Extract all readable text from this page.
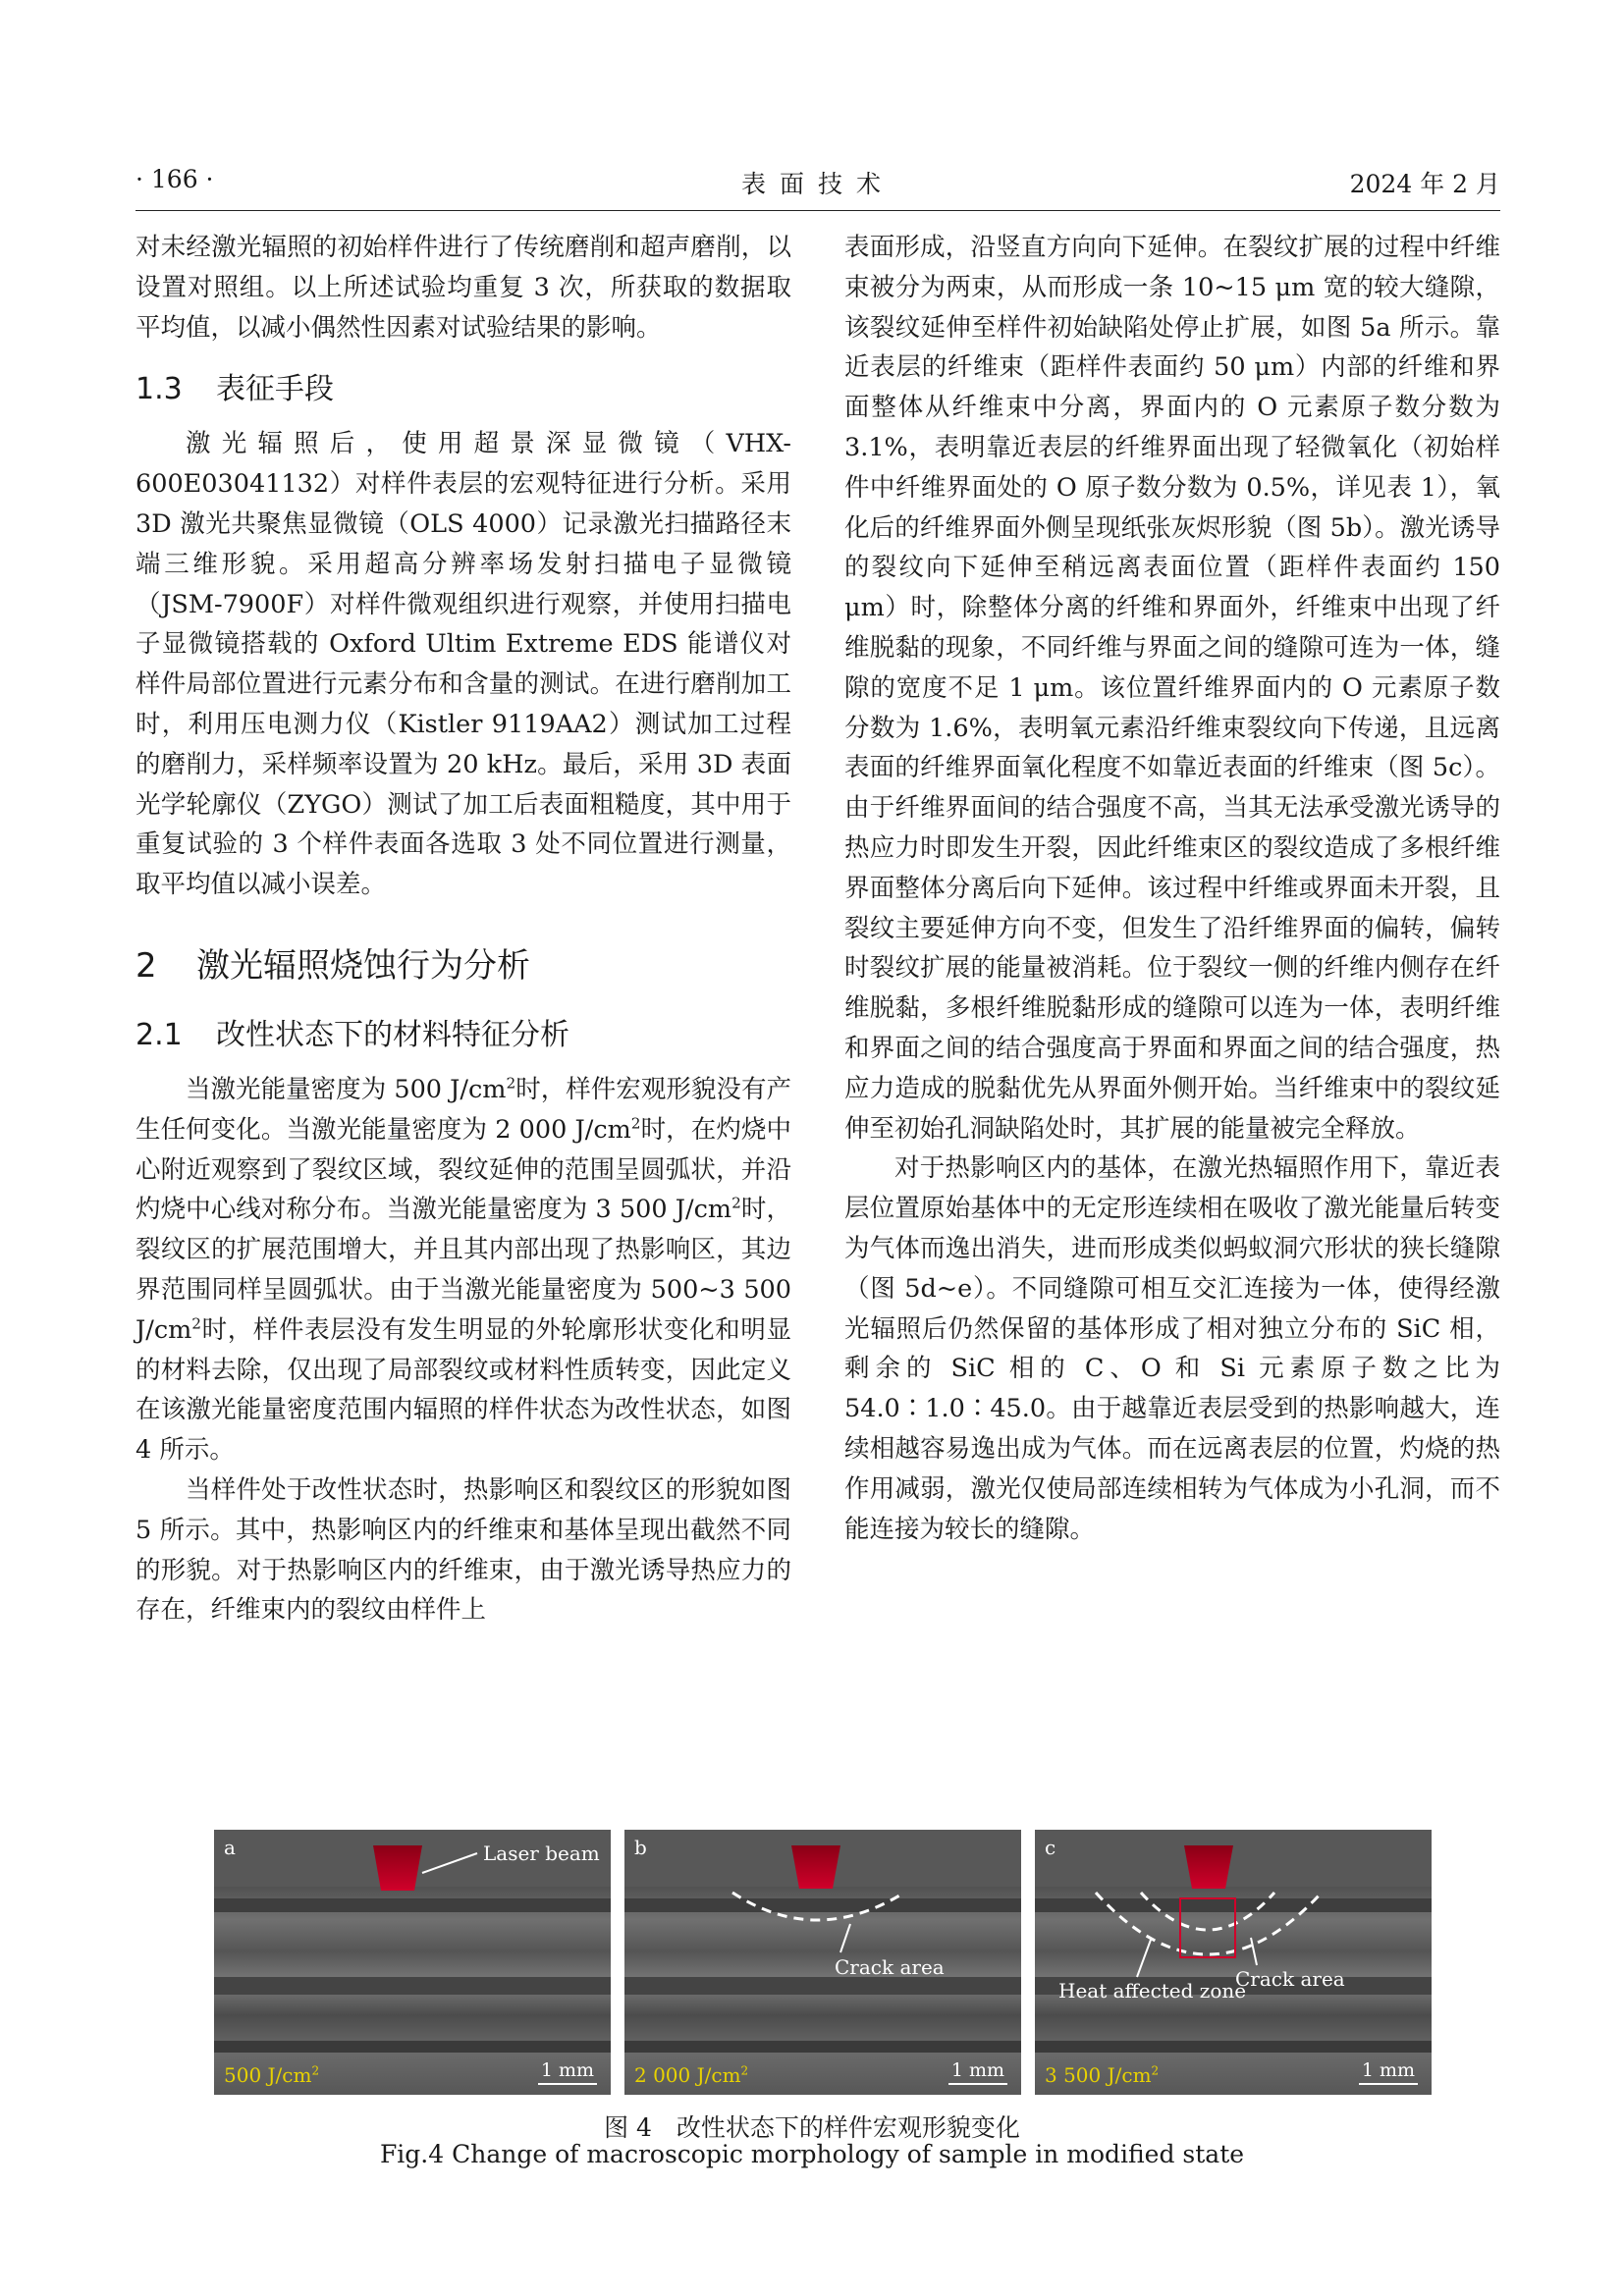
· 166 ·	表面技术	2024 年 2 月

对未经激光辐照的初始样件进行了传统磨削和超声磨削，以设置对照组。以上所述试验均重复 3 次，所获取的数据取平均值，以减小偶然性因素对试验结果的影响。

1.3 表征手段

激光辐照后，使用超景深显微镜（VHX-600E03041132）对样件表层的宏观特征进行分析。采用 3D 激光共聚焦显微镜（OLS 4000）记录激光扫描路径末端三维形貌。采用超高分辨率场发射扫描电子显微镜（JSM-7900F）对样件微观组织进行观察，并使用扫描电子显微镜搭载的 Oxford Ultim Extreme EDS 能谱仪对样件局部位置进行元素分布和含量的测试。在进行磨削加工时，利用压电测力仪（Kistler 9119AA2）测试加工过程的磨削力，采样频率设置为 20 kHz。最后，采用 3D 表面光学轮廓仪（ZYGO）测试了加工后表面粗糙度，其中用于重复试验的 3 个样件表面各选取 3 处不同位置进行测量，取平均值以减小误差。

2 激光辐照烧蚀行为分析
2.1 改性状态下的材料特征分析

当激光能量密度为 500 $J/cm^2$时，样件宏观形貌没有产生任何变化。当激光能量密度为 2 000 $J/cm^2$时，在灼烧中心附近观察到了裂纹区域，裂纹延伸的范围呈圆弧状，并沿灼烧中心线对称分布。当激光能量密度为 3 500 $J/cm^2$时，裂纹区的扩展范围增大，并且其内部出现了热影响区，其边界范围同样呈圆弧状。由于当激光能量密度为 500~3 500 $J/cm^2$时，样件表层没有发生明显的外轮廓形状变化和明显的材料去除，仅出现了局部裂纹或材料性质转变，因此定义在该激光能量密度范围内辐照的样件状态为改性状态，如图 4 所示。

当样件处于改性状态时，热影响区和裂纹区的形貌如图 5 所示。其中，热影响区内的纤维束和基体呈现出截然不同的形貌。对于热影响区内的纤维束，由于激光诱导热应力的存在，纤维束内的裂纹由样件上

表面形成，沿竖直方向向下延伸。在裂纹扩展的过程中纤维束被分为两束，从而形成一条 10~15 μm 宽的较大缝隙，该裂纹延伸至样件初始缺陷处停止扩展，如图 5a 所示。靠近表层的纤维束（距样件表面约 50 μm）内部的纤维和界面整体从纤维束中分离，界面内的 O 元素原子数分数为 3.1%，表明靠近表层的纤维界面出现了轻微氧化（初始样件中纤维界面处的 O 原子数分数为 0.5%，详见表 1），氧化后的纤维界面外侧呈现纸张灰烬形貌（图 5b）。激光诱导的裂纹向下延伸至稍远离表面位置（距样件表面约 150 μm）时，除整体分离的纤维和界面外，纤维束中出现了纤维脱黏的现象，不同纤维与界面之间的缝隙可连为一体，缝隙的宽度不足 1 μm。该位置纤维界面内的 O 元素原子数分数为 1.6%，表明氧元素沿纤维束裂纹向下传递，且远离表面的纤维界面氧化程度不如靠近表面的纤维束（图 5c）。由于纤维界面间的结合强度不高，当其无法承受激光诱导的热应力时即发生开裂，因此纤维束区的裂纹造成了多根纤维界面整体分离后向下延伸。该过程中纤维或界面未开裂，且裂纹主要延伸方向不变，但发生了沿纤维界面的偏转，偏转时裂纹扩展的能量被消耗。位于裂纹一侧的纤维内侧存在纤维脱黏，多根纤维脱黏形成的缝隙可以连为一体，表明纤维和界面之间的结合强度高于界面和界面之间的结合强度，热应力造成的脱黏优先从界面外侧开始。当纤维束中的裂纹延伸至初始孔洞缺陷处时，其扩展的能量被完全释放。

对于热影响区内的基体，在激光热辐照作用下，靠近表层位置原始基体中的无定形连续相在吸收了激光能量后转变为气体而逸出消失，进而形成类似蚂蚁洞穴形状的狭长缝隙（图 5d~e）。不同缝隙可相互交汇连接为一体，使得经激光辐照后仍然保留的基体形成了相对独立分布的 SiC 相，剩余的 SiC 相的 C、O 和 Si 元素原子数之比为 54.0∶1.0∶45.0。由于越靠近表层受到的热影响越大，连续相越容易逸出成为气体。而在远离表层的位置，灼烧的热作用减弱，激光仅使局部连续相转为气体成为小孔洞，而不能连接为较长的缝隙。

a	Laser beam
500 $J/cm^2$	1 mm
b
Crack area
2 000 $J/cm^2$	1 mm
c
Heat affected zone
Crack area
3 500 $J/cm^2$	1 mm
图 4　改性状态下的样件宏观形貌变化
Fig.4 Change of macroscopic morphology of sample in modified state
